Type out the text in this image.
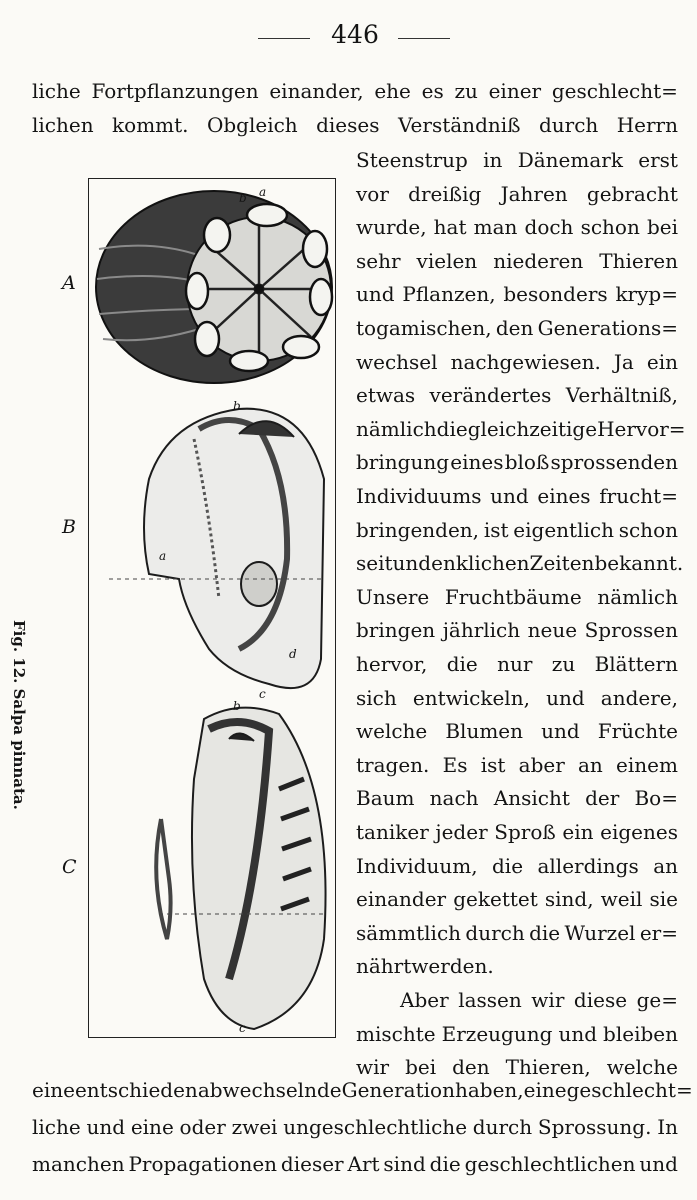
446
liche Fortpflanzungen einander, ehe es zu einer geschlecht=
lichen kommt. Obgleich dieses Verständniß durch Herrn
Steenstrup in Dänemark erst
vor dreißig Jahren gebracht
wurde, hat man doch schon bei
sehr vielen niederen Thieren
und Pflanzen, besonders kryp=
togamischen, den Generations=
wechsel nachgewiesen. Ja ein
etwas verändertes Verhältniß,
nämlich die gleichzeitige Hervor=
bringung eines bloß sprossenden
Individuums und eines frucht=
bringenden, ist eigentlich schon
seit undenklichen Zeiten bekannt.
Unsere Fruchtbäume nämlich
bringen jährlich neue Sprossen
hervor, die nur zu Blättern
sich entwickeln, und andere,
welche Blumen und Früchte
tragen. Es ist aber an einem
Baum nach Ansicht der Bo=
taniker jeder Sproß ein eigenes
Individuum, die allerdings an
einander gekettet sind, weil sie
sämmtlich durch die Wurzel er=
nährt werden.
Aber lassen wir diese ge=
mischte Erzeugung und bleiben
wir bei den Thieren, welche
eine entschieden abwechselnde Generation haben, eine geschlecht=
liche und eine oder zwei ungeschlechtliche durch Sprossung. In
manchen Propagationen dieser Art sind die geschlechtlichen und
a
b
a
b
c
d
b
c
A
B
C
Fig. 12. Salpa pinnata.
